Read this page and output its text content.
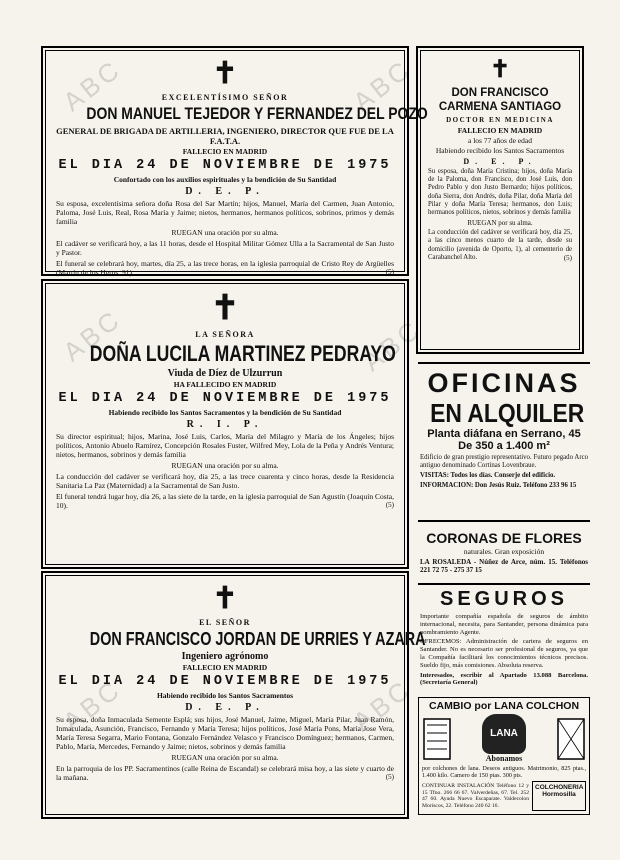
ABC	ABC
ABC	ABC
ABC	ABC
✝
EXCELENTÍSIMO SEÑOR
DON MANUEL TEJEDOR Y FERNANDEZ DEL POZO
GENERAL DE BRIGADA DE ARTILLERIA, INGENIERO, DIRECTOR QUE FUE DE LA F.A.T.A.
FALLECIO EN MADRID
EL DIA 24 DE NOVIEMBRE DE 1975
Confortado con los auxilios espirituales y la bendición de Su Santidad
D. E. P.
Su esposa, excelentísima señora doña Rosa del Sar Martín; hijos, Manuel, María del Carmen, Juan Antonio, Paloma, José Luis, Real, Rosa María y Jaime; nietos, hermanos, hermanos políticos, sobrinos, primos y demás familia
RUEGAN una oración por su alma.
El cadáver se verificará hoy, a las 11 horas, desde el Hospital Militar Gómez Ulla a la Sacramental de San Justo y Pastor.
El funeral se celebrará hoy, martes, día 25, a las trece horas, en la iglesia parroquial de Cristo Rey de Argüelles (Martín de los Heros, 91).	(5)
✝
LA SEÑORA
DOÑA LUCILA MARTINEZ PEDRAYO
Viuda de Díez de Ulzurrun
HA FALLECIDO EN MADRID
EL DIA 24 DE NOVIEMBRE DE 1975
Habiendo recibido los Santos Sacramentos y la bendición de Su Santidad
R. I. P.
Su director espiritual; hijos, Marina, José Luis, Carlos, María del Milagro y María de los Ángeles; hijos políticos, Antonio Abuelo Ramírez, Concepción Rosales Fuster, Wilfred Mey, Lola de la Peña y Andrés Ventura; nietos, hermanos, sobrinos y demás familia
RUEGAN una oración por su alma.
La conducción del cadáver se verificará hoy, día 25, a las trece cuarenta y cinco horas, desde la Residencia Sanitaria La Paz (Maternidad) a la Sacramental de San Justo.
El funeral tendrá lugar hoy, día 26, a las siete de la tarde, en la iglesia parroquial de San Agustín (Joaquín Costa, 10).	(5)
✝
EL SEÑOR
DON FRANCISCO JORDAN DE URRIES Y AZARA
Ingeniero agrónomo
FALLECIO EN MADRID
EL DIA 24 DE NOVIEMBRE DE 1975
Habiendo recibido los Santos Sacramentos
D. E. P.
Su esposa, doña Inmaculada Semente Esplá; sus hijos, José Manuel, Jaime, Miguel, María Pilar, Juan Ramón, Inmaculada, Asunción, Francisco, Fernando y María Teresa; hijos políticos, José María Pons, María Jose Vera, María Teresa Segarra, Mario Fontana, Gonzalo Fernández Velasco y Francisco Domínguez; hermanos, Carmen, Pablo, María, Mercedes, Fernando y Jaime; nietos, sobrinos y demás familia
RUEGAN una oración por su alma.
En la parroquia de los PP. Sacramentinos (calle Reina de Escandal) se celebrará misa hoy, a las siete y cuarto de la mañana.	(5)
✝
DON FRANCISCO CARMENA SANTIAGO
DOCTOR EN MEDICINA
FALLECIO EN MADRID
a los 77 años de edad
Habiendo recibido los Santos Sacramentos
D. E. P.
Su esposa, doña María Cristina; hijos, doña María de la Paloma, don Francisco, don José Luis, don Pedro Pablo y don Justo Bernardo; hijos políticos, doña Sierra, don Andrés, doña Pilar, doña María del Pilar y doña María Teresa; hermanos, don Luis; hermanos políticos, nietos, sobrinos y demás familia
RUEGAN por su alma.
La conducción del cadáver se verificará hoy, día 25, a las cinco menos cuarto de la tarde, desde su domicilio (avenida de Oporto, 1), al cementerio de Carabanchel Alto.	(5)
OFICINAS
EN ALQUILER
Planta diáfana en Serrano, 45
De 350 a 1.400 m²
Edificio de gran prestigio representativo. Futuro pegado Arco antiguo denominado Cortinas Lovenbraue.
VISITAS: Todos los días. Conserje del edificio.
INFORMACION: Don Jesús Ruiz. Teléfono 233 96 15
CORONAS DE FLORES
naturales. Gran exposición
LA ROSALEDA - Núñez de Arce, núm. 15. Teléfonos 221 72 75 - 275 37 15
SEGUROS
Importante compañía española de seguros de ámbito internacional, necesita, para Santander, persona dinámica para nombramiento Agente.
OFRECEMOS: Administración de cartera de seguros en Santander. No es necesario ser profesional de seguros, ya que la Compañía facilitará los conocimientos técnicos precisos. Sueldo fijo, más comisiones. Absoluta reserva.
Interesados, escribir al Apartado 13.088 Barcelona. (Secretaría General)
CAMBIO por LANA COLCHON
LANA
Abonamos
por colchones de lana. Deseos antiguos. Matrimonio, 825 ptas., 1.400 kilo. Camero de 150 ptas. 300 pts.
CONTINUAR INSTALACIÓN Teléfono 12 y 15 Tfno. 266 66 67. Valverdeñas, 67. Tel. 252 47 60. Ayuda Nuevo Escaparate. Valdecolon Moriscos, 22. Teléfono 240 62 16.
COLCHONERIA Hormosilla
